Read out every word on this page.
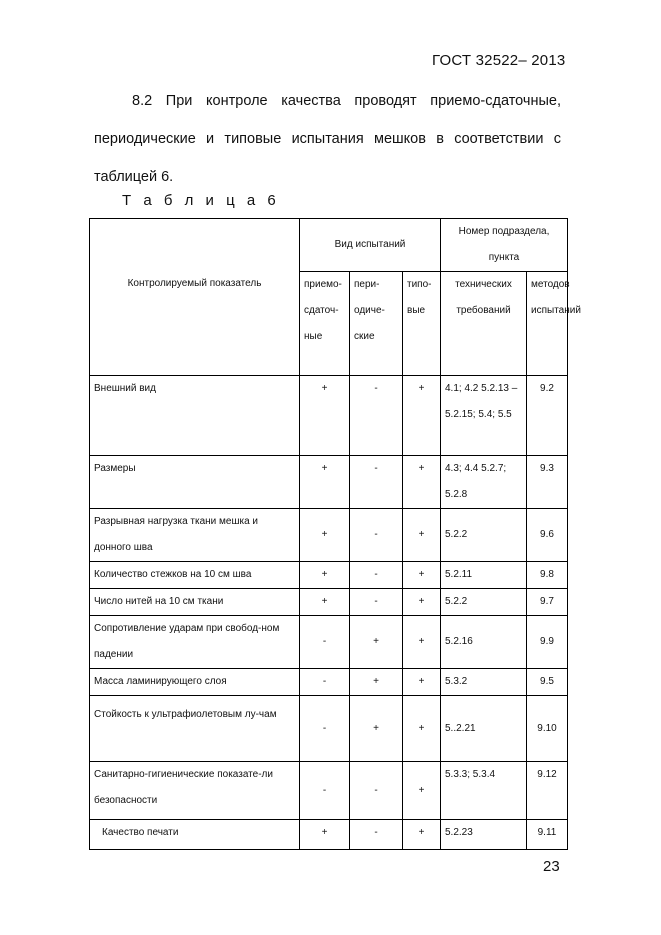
ГОСТ 32522– 2013
8.2 При контроле качества проводят приемо-сдаточные,
периодические и типовые испытания мешков в соответствии с
таблицей 6.
Т а б л и ц а 6
Контролируемый показатель	Вид испытаний			Номер подраздела, пункта	
	приемо-сдаточ-ные	пери-одиче-ские	типо-вые	технических требований	методов испытаний
Внешний вид	+	-	+	4.1; 4.2 5.2.13 –5.2.15; 5.4; 5.5	9.2
Размеры	+	-	+	4.3; 4.4 5.2.7; 5.2.8	9.3
Разрывная нагрузка ткани мешка и донного шва	+	-	+	5.2.2	9.6
Количество стежков на 10 см шва	+	-	+	5.2.11	9.8
Число нитей на 10 см ткани	+	-	+	5.2.2	9.7
Сопротивление ударам при свобод-ном падении	-	+	+	5.2.16	9.9
Масса ламинирующего слоя	-	+	+	5.3.2	9.5
Стойкость к ультрафиолетовым лу-чам	-	+	+	5..2.21	9.10
Санитарно-гигиенические показате-ли безопасности	-	-	+	5.3.3; 5.3.4	9.12
Качество печати	+	-	+	5.2.23	9.11
23
